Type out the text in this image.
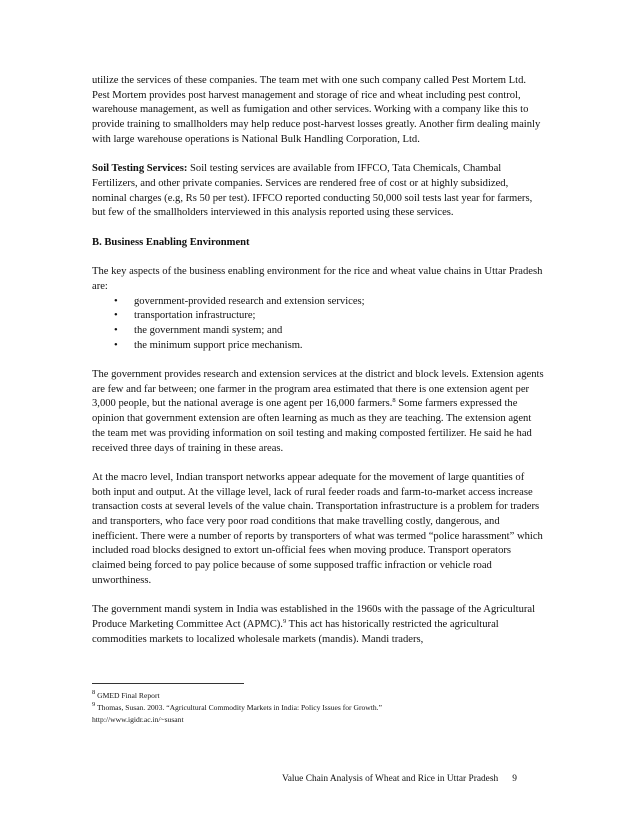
utilize the services of these companies. The team met with one such company called Pest Mortem Ltd. Pest Mortem provides post harvest management and storage of rice and wheat including pest control, warehouse management, as well as fumigation and other services. Working with a company like this to provide training to smallholders may help reduce post-harvest losses greatly. Another firm dealing mainly with large warehouse operations is National Bulk Handling Corporation, Ltd.

Soil Testing Services: Soil testing services are available from IFFCO, Tata Chemicals, Chambal Fertilizers, and other private companies. Services are rendered free of cost or at highly subsidized, nominal charges (e.g, Rs 50 per test). IFFCO reported conducting 50,000 soil tests last year for farmers, but few of the smallholders interviewed in this analysis reported using these services.

B. Business Enabling Environment
The key aspects of the business enabling environment for the rice and wheat value chains in Uttar Pradesh are:
• government-provided research and extension services;
• transportation infrastructure;
• the government mandi system; and
• the minimum support price mechanism.

The government provides research and extension services at the district and block levels. Extension agents are few and far between; one farmer in the program area estimated that there is one extension agent per 3,000 people, but the national average is one agent per 16,000 farmers.$^8$ Some farmers expressed the opinion that government extension are often learning as much as they are teaching. The extension agent the team met was providing information on soil testing and making composted fertilizer. He said he had received three days of training in these areas.

At the macro level, Indian transport networks appear adequate for the movement of large quantities of both input and output. At the village level, lack of rural feeder roads and farm-to-market access increase transaction costs at several levels of the value chain. Transportation infrastructure is a problem for traders and transporters, who face very poor road conditions that make travelling costly, dangerous, and inefficient. There were a number of reports by transporters of what was termed “police harassment” which included road blocks designed to extort un-official fees when moving produce. Transport operators claimed being forced to pay police because of some supposed traffic infraction or vehicle road unworthiness.

The government mandi system in India was established in the 1960s with the passage of the Agricultural Produce Marketing Committee Act (APMC).$^9$ This act has historically restricted the agricultural commodities markets to localized wholesale markets (mandis). Mandi traders,

$^8$ GMED Final Report
$^9$ Thomas, Susan. 2003. “Agricultural Commodity Markets in India: Policy Issues for Growth.”
http://www.igidr.ac.in/~susant
Value Chain Analysis of Wheat and Rice in Uttar Pradesh 9
